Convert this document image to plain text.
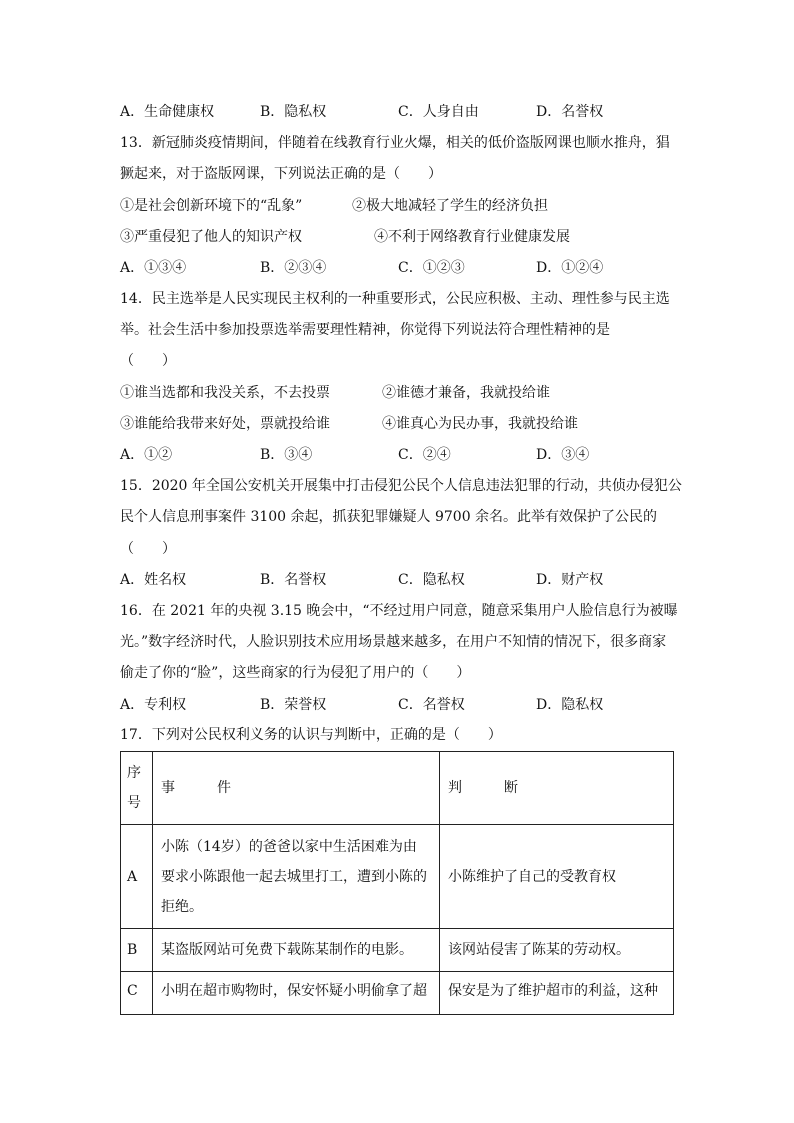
A．生命健康权	B．隐私权	C．人身自由	D．名誉权
13．新冠肺炎疫情期间，伴随着在线教育行业火爆，相关的低价盗版网课也顺水推舟，猖
獗起来，对于盗版网课，下列说法正确的是（　　）
①是社会创新环境下的“乱象”	②极大地减轻了学生的经济负担
③严重侵犯了他人的知识产权	④不利于网络教育行业健康发展
A．①③④	B．②③④	C．①②③	D．①②④
14．民主选举是人民实现民主权利的一种重要形式，公民应积极、主动、理性参与民主选
举。社会生活中参加投票选举需要理性精神，你觉得下列说法符合理性精神的是
（　　）
①谁当选都和我没关系，不去投票	②谁德才兼备，我就投给谁
③谁能给我带来好处，票就投给谁	④谁真心为民办事，我就投给谁
A．①②	B．③④	C．②④	D．③④
15．2020 年全国公安机关开展集中打击侵犯公民个人信息违法犯罪的行动，共侦办侵犯公
民个人信息刑事案件 3100 余起，抓获犯罪嫌疑人 9700 余名。此举有效保护了公民的
（　　）
A．姓名权	B．名誉权	C．隐私权	D．财产权
16．在 2021 年的央视 3.15 晚会中，“不经过用户同意，随意采集用户人脸信息行为被曝
光。”数字经济时代，人脸识别技术应用场景越来越多，在用户不知情的情况下，很多商家
偷走了你的“脸”，这些商家的行为侵犯了用户的（　　）
A．专利权	B．荣誉权	C．名誉权	D．隐私权
17．下列对公民权利义务的认识与判断中，正确的是（　　）
序
号	事　　　件	判　　　断
A	小陈（14岁）的爸爸以家中生活困难为由
要求小陈跟他一起去城里打工，遭到小陈的
拒绝。	小陈维护了自己的受教育权
B	某盗版网站可免费下载陈某制作的电影。	该网站侵害了陈某的劳动权。
C	小明在超市购物时，保安怀疑小明偷拿了超	保安是为了维护超市的利益，这种
